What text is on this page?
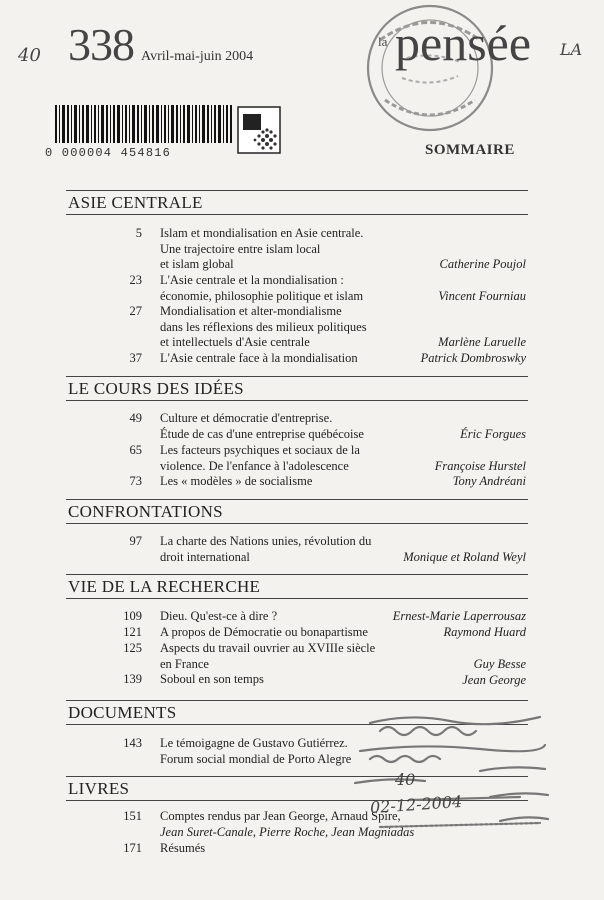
40	LA
338 Avril-mai-juin 2004
la pensée
0 000004 454816	SOMMAIRE
ASIE CENTRALE
5 Islam et mondialisation en Asie centrale.
Une trajectoire entre islam local
et islam global	Catherine Poujol
23 L'Asie centrale et la mondialisation :
économie, philosophie politique et islam	Vincent Fourniau
27 Mondialisation et alter-mondialisme
dans les réflexions des milieux politiques
et intellectuels d'Asie centrale	Marlène Laruelle
37 L'Asie centrale face à la mondialisation	Patrick Dombroswky
LE COURS DES IDÉES
49 Culture et démocratie d'entreprise.
Étude de cas d'une entreprise québécoise	Éric Forgues
65 Les facteurs psychiques et sociaux de la
violence. De l'enfance à l'adolescence	Françoise Hurstel
73 Les « modèles » de socialisme	Tony Andréani
CONFRONTATIONS
97 La charte des Nations unies, révolution du
droit international	Monique et Roland Weyl
VIE DE LA RECHERCHE
109 Dieu. Qu'est-ce à dire ?	Ernest-Marie Laperrousaz
121 A propos de Démocratie ou bonapartisme	Raymond Huard
125 Aspects du travail ouvrier au XVIIIe siècle
en France	Guy Besse
139 Soboul en son temps	Jean George
DOCUMENTS
143 Le témoigagne de Gustavo Gutiérrez.
Forum social mondial de Porto Alegre
LIVRES
151 Comptes rendus par Jean George, Arnaud Spire,
Jean Suret-Canale, Pierre Roche, Jean Magniadas
171 Résumés
40
02-12-2004
